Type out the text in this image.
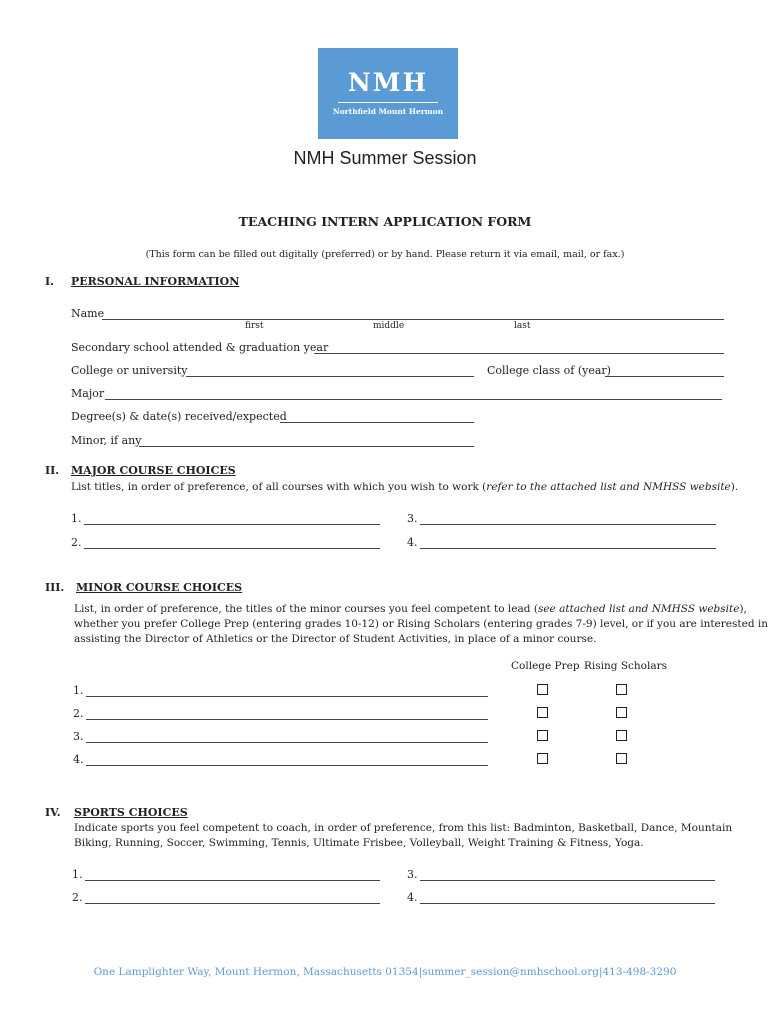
NMH
Northfield Mount Hermon
NMH Summer Session
TEACHING INTERN APPLICATION FORM
(This form can be filled out digitally (preferred) or by hand. Please return it via email, mail, or fax.)
I. PERSONAL INFORMATION
Name
first	middle	last
Secondary school attended & graduation year
College or university	College class of (year)
Major
Degree(s) & date(s) received/expected
Minor, if any
II. MAJOR COURSE CHOICES
List titles, in order of preference, of all courses with which you wish to work (refer to the attached list and NMHSS website).
1.	3.
2.	4.
III. MINOR COURSE CHOICES
List, in order of preference, the titles of the minor courses you feel competent to lead (see attached list and NMHSS website),
whether you prefer College Prep (entering grades 10-12) or Rising Scholars (entering grades 7-9) level, or if you are interested in
assisting the Director of Athletics or the Director of Student Activities, in place of a minor course.
College Prep Rising Scholars
1.
2.
3.
4.
IV. SPORTS CHOICES
Indicate sports you feel competent to coach, in order of preference, from this list: Badminton, Basketball, Dance, Mountain
Biking, Running, Soccer, Swimming, Tennis, Ultimate Frisbee, Volleyball, Weight Training & Fitness, Yoga.
1.	3.
2.	4.
One Lamplighter Way, Mount Hermon, Massachusetts 01354|summer_session@nmhschool.org|413-498-3290
